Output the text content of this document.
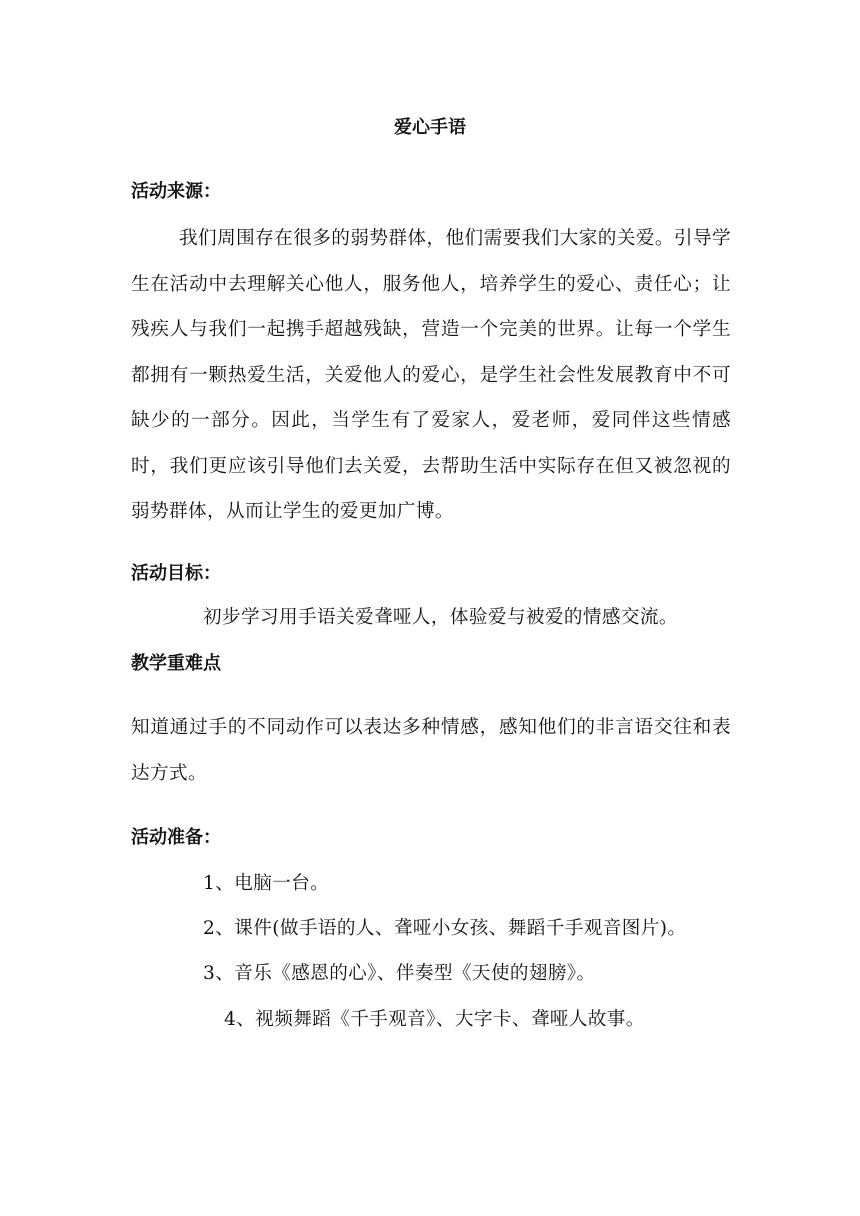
爱心手语
活动来源：

我们周围存在很多的弱势群体，他们需要我们大家的关爱。引导学生在活动中去理解关心他人，服务他人，培养学生的爱心、责任心；让残疾人与我们一起携手超越残缺，营造一个完美的世界。让每一个学生都拥有一颗热爱生活，关爱他人的爱心，是学生社会性发展教育中不可缺少的一部分。因此，当学生有了爱家人，爱老师，爱同伴这些情感时，我们更应该引导他们去关爱，去帮助生活中实际存在但又被忽视的弱势群体，从而让学生的爱更加广博。

活动目标：
初步学习用手语关爱聋哑人，体验爱与被爱的情感交流。
教学重难点

知道通过手的不同动作可以表达多种情感，感知他们的非言语交往和表达方式。

活动准备：
1、电脑一台。
2、课件(做手语的人、聋哑小女孩、舞蹈千手观音图片)。
3、音乐《感恩的心》、伴奏型《天使的翅膀》。
4、视频舞蹈《千手观音》、大字卡、聋哑人故事。
